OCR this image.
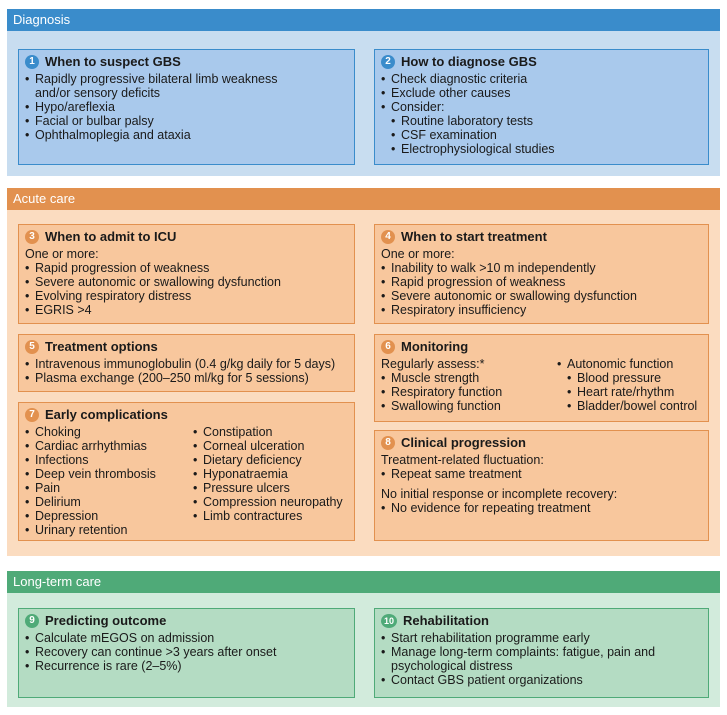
Diagnosis
1 When to suspect GBS
• Rapidly progressive bilateral limb weakness and/or sensory deficits
• Hypo/areflexia
• Facial or bulbar palsy
• Ophthalmoplegia and ataxia
2 How to diagnose GBS
• Check diagnostic criteria
• Exclude other causes
• Consider:
• Routine laboratory tests
• CSF examination
• Electrophysiological studies
Acute care
3 When to admit to ICU

One or more:

• Rapid progression of weakness
• Severe autonomic or swallowing dysfunction
• Evolving respiratory distress
• EGRIS >4
4 When to start treatment

One or more:

• Inability to walk >10 m independently
• Rapid progression of weakness
• Severe autonomic or swallowing dysfunction
• Respiratory insufficiency
5 Treatment options
• Intravenous immunoglobulin (0.4 g/kg daily for 5 days)
• Plasma exchange (200–250 ml/kg for 5 sessions)
6 Monitoring

Regularly assess:*

• Muscle strength
• Respiratory function
• Swallowing function
• Autonomic function
• Blood pressure
• Heart rate/rhythm
• Bladder/bowel control
7 Early complications
• Choking
• Cardiac arrhythmias
• Infections
• Deep vein thrombosis
• Pain
• Delirium
• Depression
• Urinary retention
• Constipation
• Corneal ulceration
• Dietary deficiency
• Hyponatraemia
• Pressure ulcers
• Compression neuropathy
• Limb contractures
8 Clinical progression

Treatment-related fluctuation:

• Repeat same treatment

No initial response or incomplete recovery:

• No evidence for repeating treatment
Long-term care
9 Predicting outcome
• Calculate mEGOS on admission
• Recovery can continue >3 years after onset
• Recurrence is rare (2–5%)
10 Rehabilitation
• Start rehabilitation programme early
• Manage long-term complaints: fatigue, pain and psychological distress
• Contact GBS patient organizations
